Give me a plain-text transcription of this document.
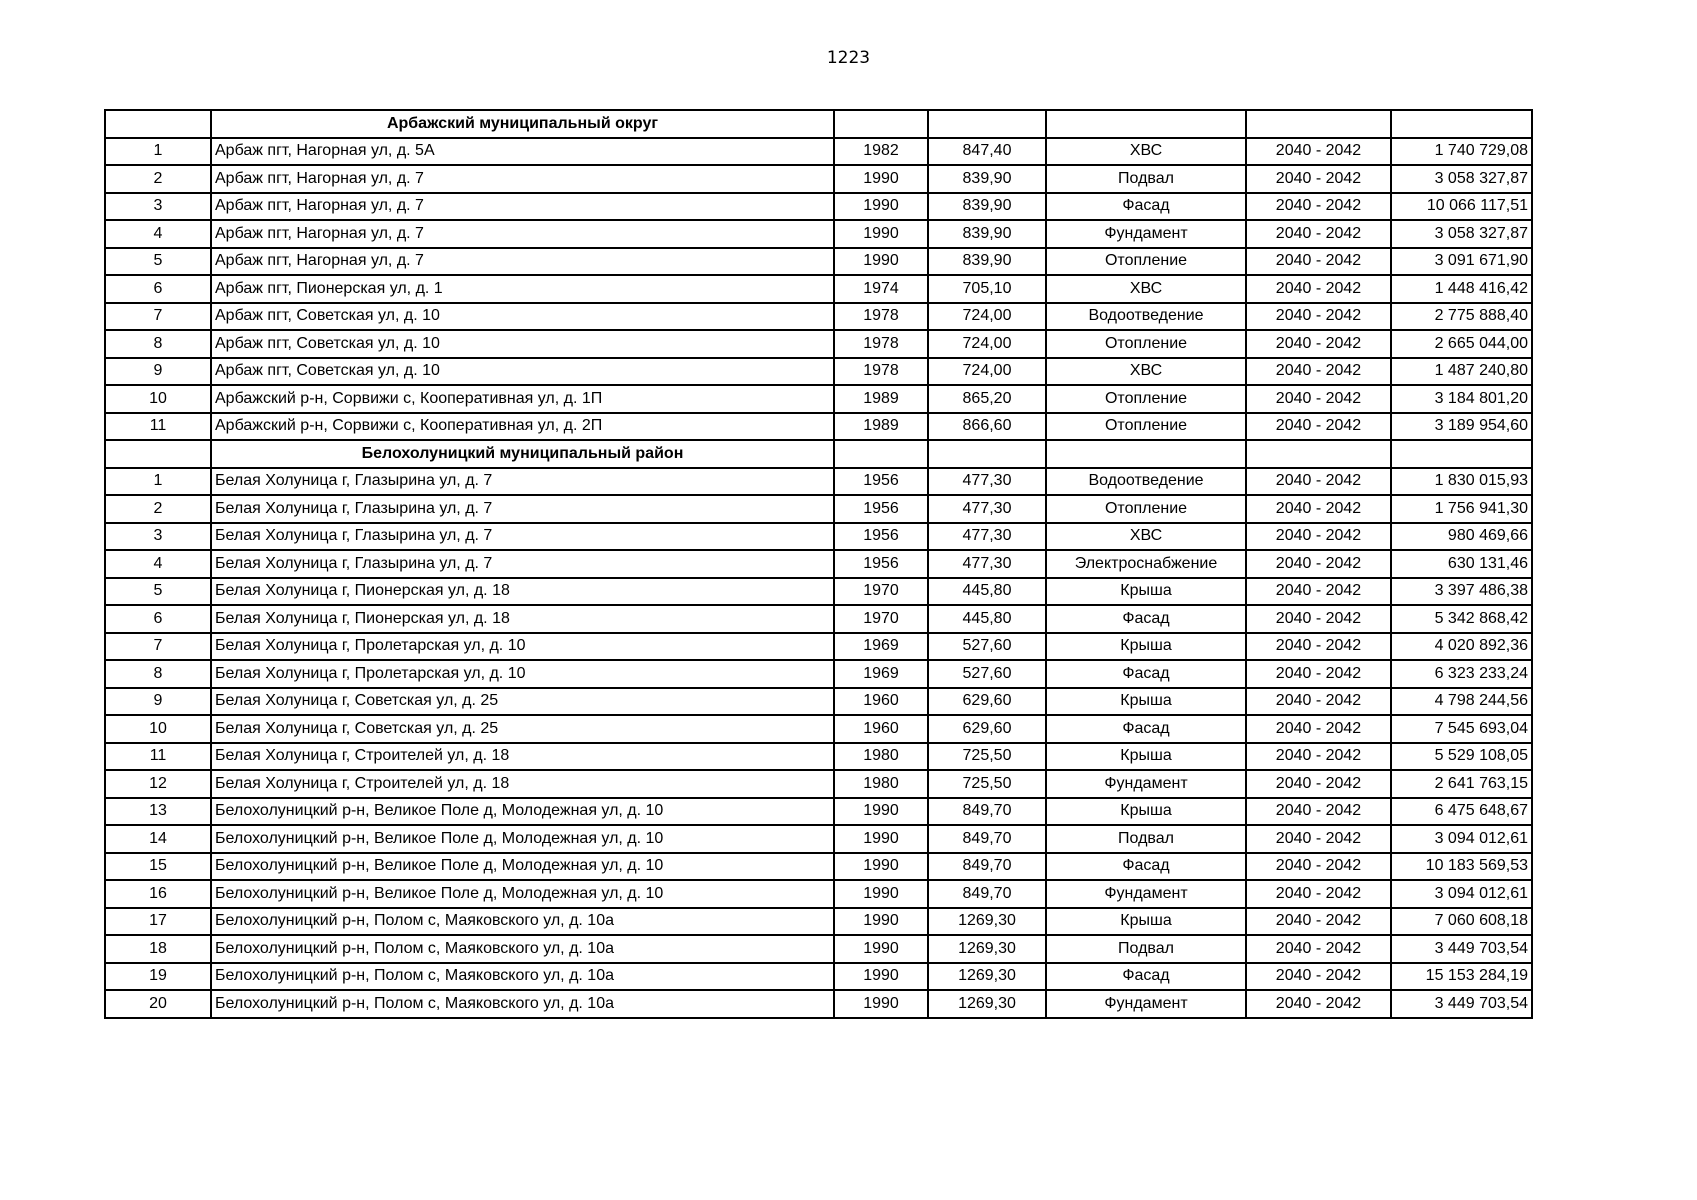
1223
	Арбажский муниципальный округ					
1	Арбаж пгт, Нагорная ул, д. 5А	1982	847,40	ХВС	2040 - 2042	1 740 729,08
2	Арбаж пгт, Нагорная ул, д. 7	1990	839,90	Подвал	2040 - 2042	3 058 327,87
3	Арбаж пгт, Нагорная ул, д. 7	1990	839,90	Фасад	2040 - 2042	10 066 117,51
4	Арбаж пгт, Нагорная ул, д. 7	1990	839,90	Фундамент	2040 - 2042	3 058 327,87
5	Арбаж пгт, Нагорная ул, д. 7	1990	839,90	Отопление	2040 - 2042	3 091 671,90
6	Арбаж пгт, Пионерская ул, д. 1	1974	705,10	ХВС	2040 - 2042	1 448 416,42
7	Арбаж пгт, Советская ул, д. 10	1978	724,00	Водоотведение	2040 - 2042	2 775 888,40
8	Арбаж пгт, Советская ул, д. 10	1978	724,00	Отопление	2040 - 2042	2 665 044,00
9	Арбаж пгт, Советская ул, д. 10	1978	724,00	ХВС	2040 - 2042	1 487 240,80
10	Арбажский р-н, Сорвижи с, Кооперативная ул, д. 1П	1989	865,20	Отопление	2040 - 2042	3 184 801,20
11	Арбажский р-н, Сорвижи с, Кооперативная ул, д. 2П	1989	866,60	Отопление	2040 - 2042	3 189 954,60
	Белохолуницкий муниципальный район					
1	Белая Холуница г, Глазырина ул, д. 7	1956	477,30	Водоотведение	2040 - 2042	1 830 015,93
2	Белая Холуница г, Глазырина ул, д. 7	1956	477,30	Отопление	2040 - 2042	1 756 941,30
3	Белая Холуница г, Глазырина ул, д. 7	1956	477,30	ХВС	2040 - 2042	980 469,66
4	Белая Холуница г, Глазырина ул, д. 7	1956	477,30	Электроснабжение	2040 - 2042	630 131,46
5	Белая Холуница г, Пионерская ул, д. 18	1970	445,80	Крыша	2040 - 2042	3 397 486,38
6	Белая Холуница г, Пионерская ул, д. 18	1970	445,80	Фасад	2040 - 2042	5 342 868,42
7	Белая Холуница г, Пролетарская ул, д. 10	1969	527,60	Крыша	2040 - 2042	4 020 892,36
8	Белая Холуница г, Пролетарская ул, д. 10	1969	527,60	Фасад	2040 - 2042	6 323 233,24
9	Белая Холуница г, Советская ул, д. 25	1960	629,60	Крыша	2040 - 2042	4 798 244,56
10	Белая Холуница г, Советская ул, д. 25	1960	629,60	Фасад	2040 - 2042	7 545 693,04
11	Белая Холуница г, Строителей ул, д. 18	1980	725,50	Крыша	2040 - 2042	5 529 108,05
12	Белая Холуница г, Строителей ул, д. 18	1980	725,50	Фундамент	2040 - 2042	2 641 763,15
13	Белохолуницкий р-н, Великое Поле д, Молодежная ул, д. 10	1990	849,70	Крыша	2040 - 2042	6 475 648,67
14	Белохолуницкий р-н, Великое Поле д, Молодежная ул, д. 10	1990	849,70	Подвал	2040 - 2042	3 094 012,61
15	Белохолуницкий р-н, Великое Поле д, Молодежная ул, д. 10	1990	849,70	Фасад	2040 - 2042	10 183 569,53
16	Белохолуницкий р-н, Великое Поле д, Молодежная ул, д. 10	1990	849,70	Фундамент	2040 - 2042	3 094 012,61
17	Белохолуницкий р-н, Полом с, Маяковского ул, д. 10а	1990	1269,30	Крыша	2040 - 2042	7 060 608,18
18	Белохолуницкий р-н, Полом с, Маяковского ул, д. 10а	1990	1269,30	Подвал	2040 - 2042	3 449 703,54
19	Белохолуницкий р-н, Полом с, Маяковского ул, д. 10а	1990	1269,30	Фасад	2040 - 2042	15 153 284,19
20	Белохолуницкий р-н, Полом с, Маяковского ул, д. 10а	1990	1269,30	Фундамент	2040 - 2042	3 449 703,54
